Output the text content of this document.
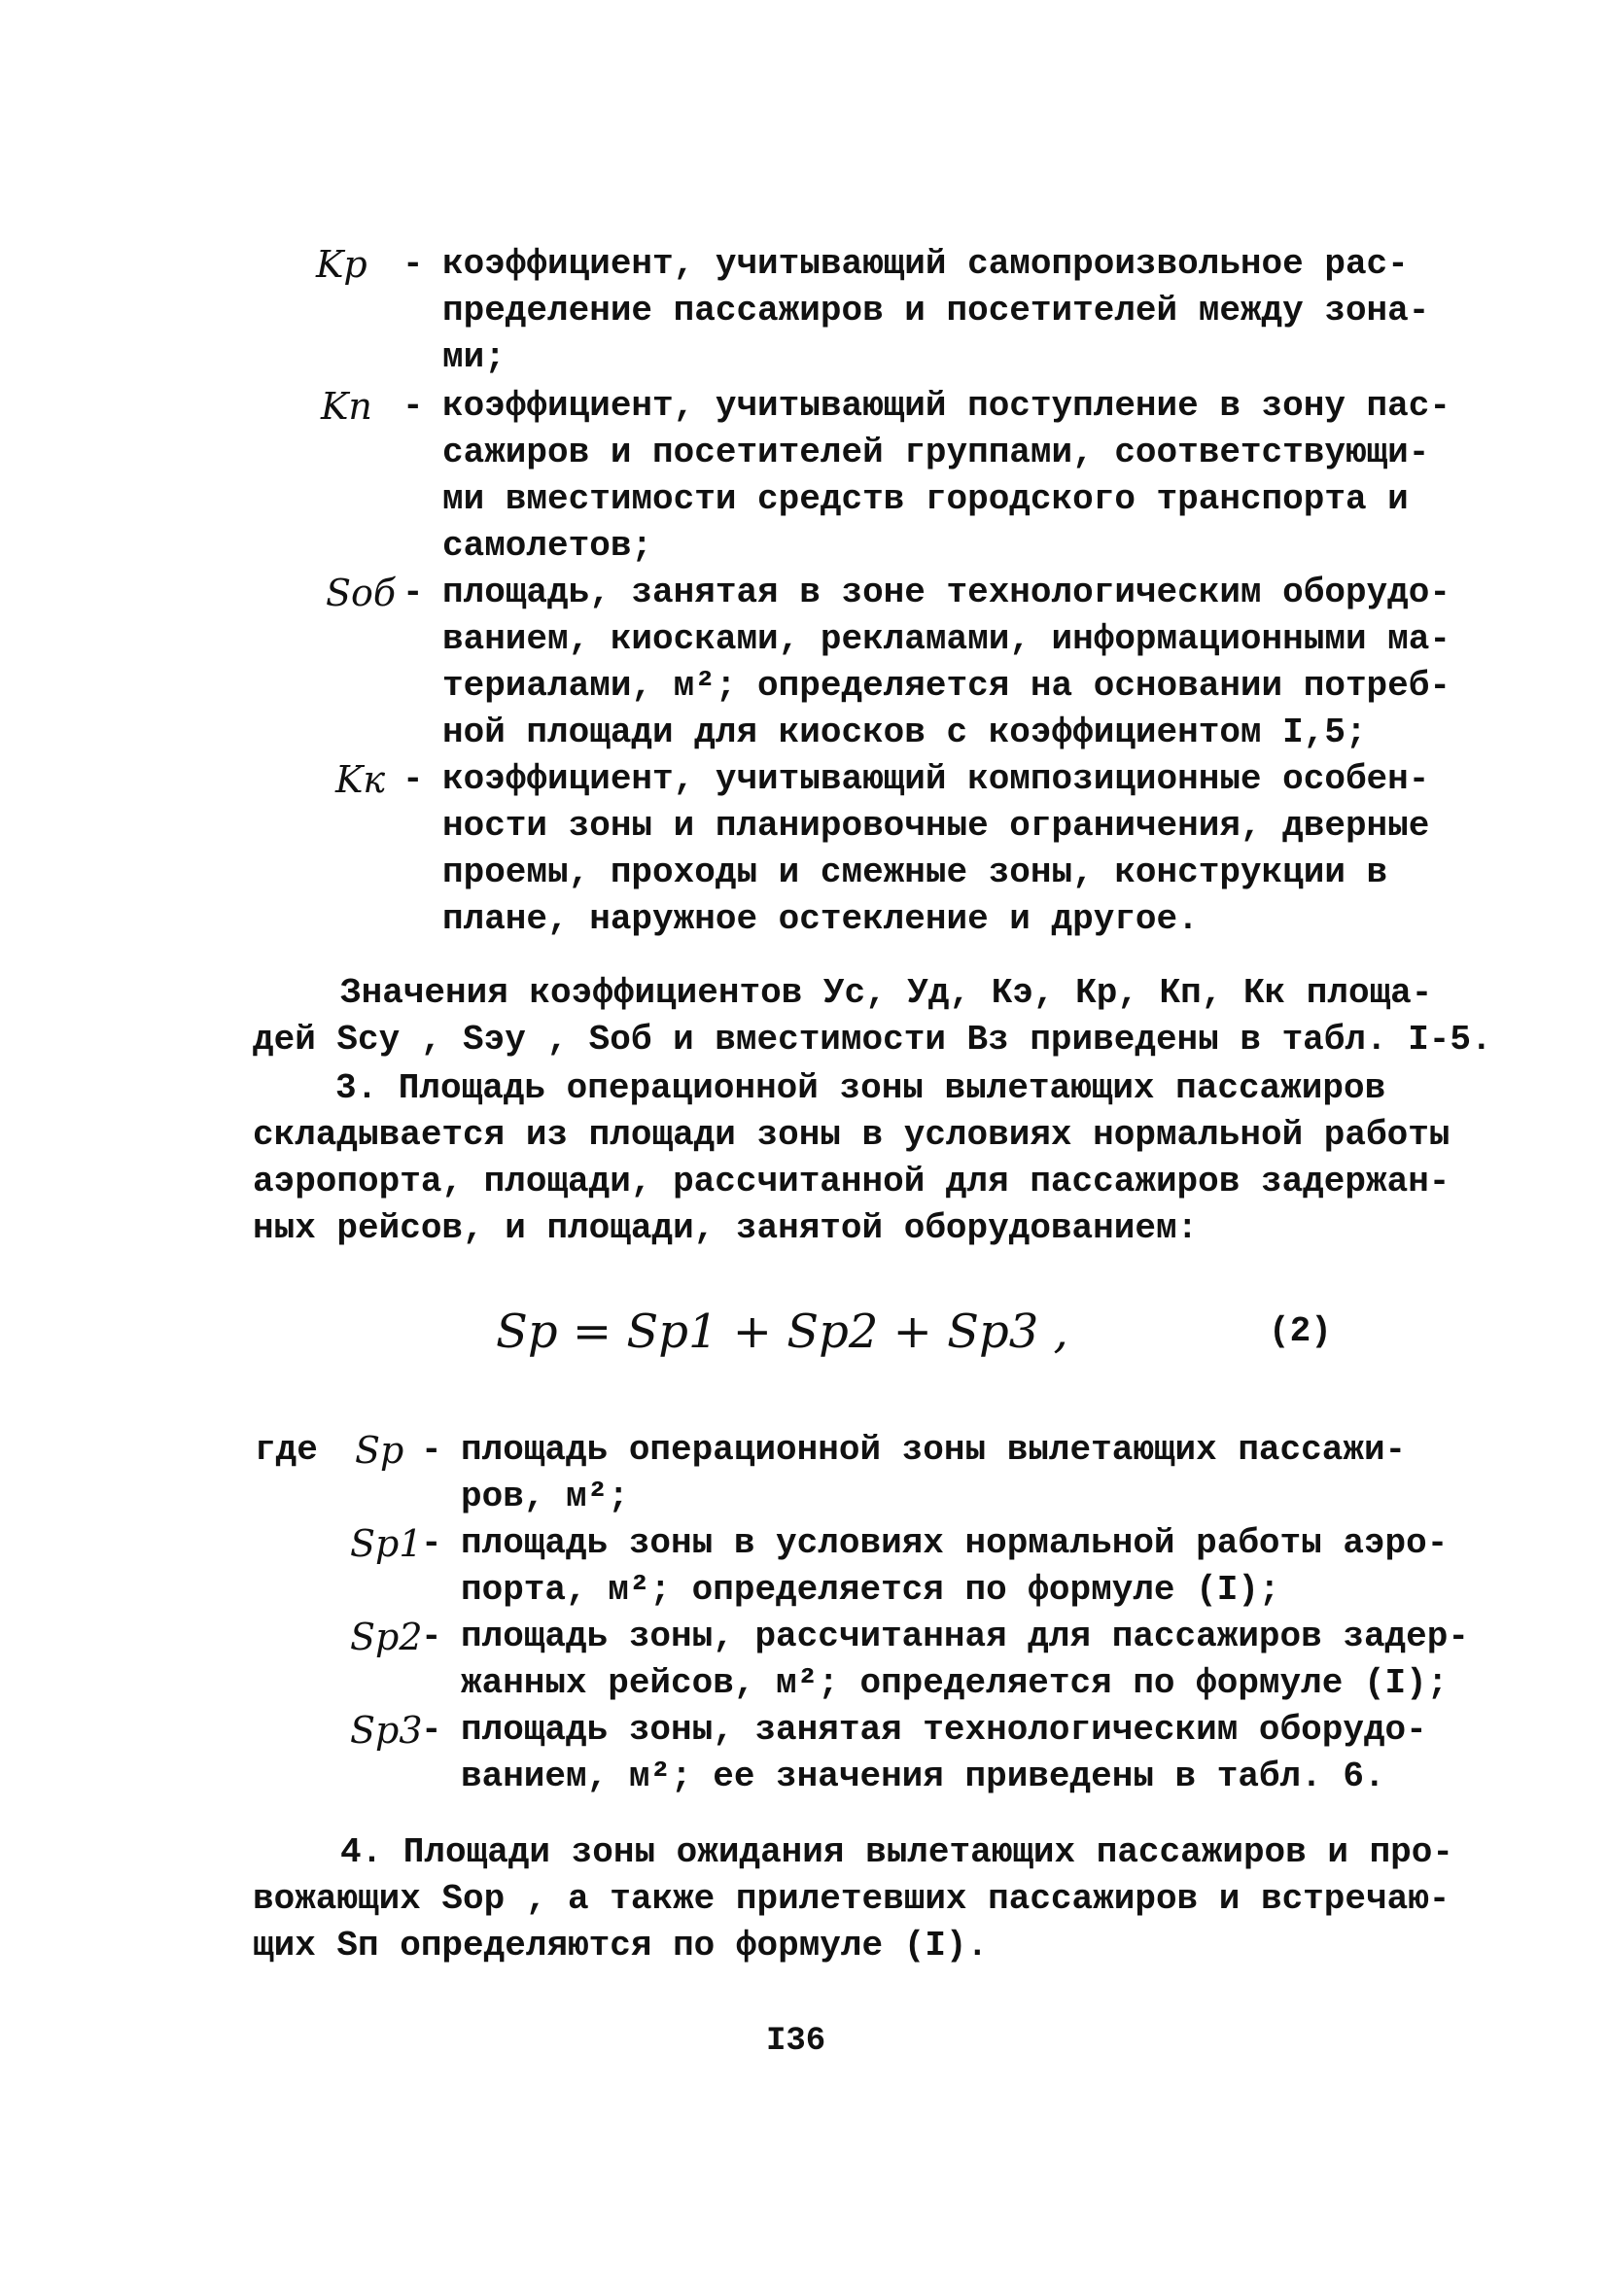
Kp - коэффициент, учитывающий самопроизвольное рас-
пределение пассажиров и посетителей между зона-
ми;
Kп - коэффициент, учитывающий поступление в зону пас-
сажиров и посетителей группами, соответствующи-
ми вместимости средств городского транспорта и
самолетов;
Sоб - площадь, занятая в зоне технологическим оборудо-
ванием, киосками, рекламами, информационными ма-
териалами, м²; определяется на основании потреб-
ной площади для киосков с коэффициентом I,5;
Kк - коэффициент, учитывающий композиционные особен-
ности зоны и планировочные ограничения, дверные
проемы, проходы и смежные зоны, конструкции в
плане, наружное остекление и другое.
Значения коэффициентов Ус, Уд, Кэ, Кр, Кп, Кк площа-
дей Sсу , Sэу , Sоб и вместимости Вз приведены в табл. I-5.
3. Площадь операционной зоны вылетающих пассажиров
складывается из площади зоны в условиях нормальной работы
аэропорта, площади, рассчитанной для пассажиров задержан-
ных рейсов, и площади, занятой оборудованием:
Sp = Sp1 + Sp2 + Sp3 ,	(2)
где Sp - площадь операционной зоны вылетающих пассажи-
ров, м²;
Sp1
- площадь зоны в условиях нормальной работы аэро-
порта, м²; определяется по формуле (I);
Sp2
- площадь зоны, рассчитанная для пассажиров задер-
жанных рейсов, м²; определяется по формуле (I);
Sp3
- площадь зоны, занятая технологическим оборудо-
ванием, м²; ее значения приведены в табл. 6.
4. Площади зоны ожидания вылетающих пассажиров и про-
вожающих Sор , а также прилетевших пассажиров и встречаю-
щих Sп определяются по формуле (I).
I36
